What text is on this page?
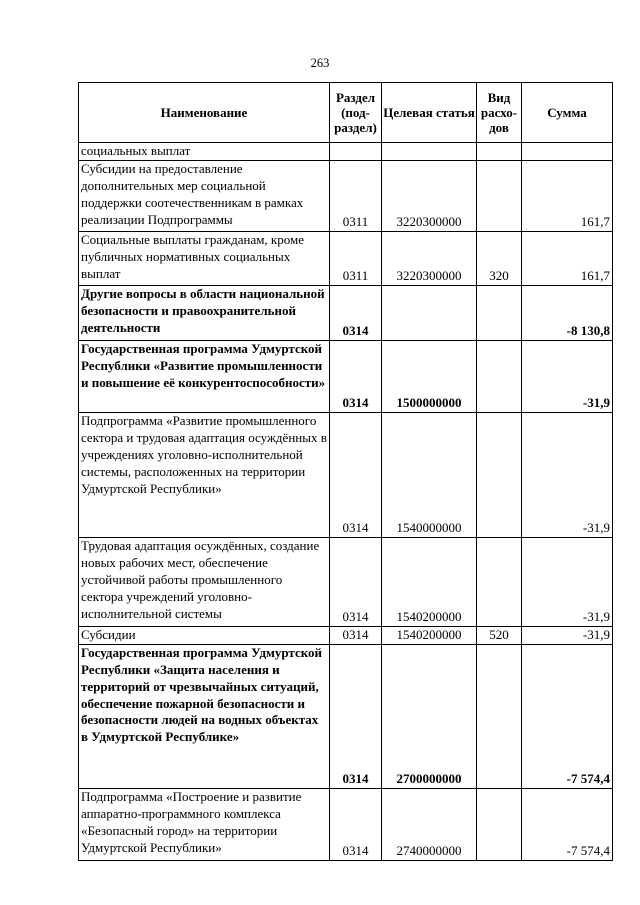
263
Наименование	Раздел (под-раздел)	Целевая статья	Вид расхо-дов	Сумма
социальных выплат				
Субсидии на предоставление дополнительных мер социальной поддержки соотечественникам в рамках реализации Подпрограммы	0311	3220300000		161,7
Социальные выплаты гражданам, кроме публичных нормативных социальных выплат	0311	3220300000	320	161,7
Другие вопросы в области национальной безопасности и правоохранительной деятельности	0314			-8 130,8
Государственная программа Удмуртской Республики «Развитие промышленности и повышение её конкурентоспособности»	0314	1500000000		-31,9
Подпрограмма «Развитие промышленного сектора и трудовая адаптация осуждённых в учреждениях уголовно-исполнительной системы, расположенных на территории Удмуртской Республики»	0314	1540000000		-31,9
Трудовая адаптация осуждённых, создание новых рабочих мест, обеспечение устойчивой работы промышленного сектора учреждений уголовно-исполнительной системы	0314	1540200000		-31,9
Субсидии	0314	1540200000	520	-31,9
Государственная программа Удмуртской Республики «Защита населения и территорий от чрезвычайных ситуаций, обеспечение пожарной безопасности и безопасности людей на водных объектах в Удмуртской Республике»	0314	2700000000		-7 574,4
Подпрограмма «Построение и развитие аппаратно-программного комплекса «Безопасный город» на территории Удмуртской Республики»	0314	2740000000		-7 574,4
